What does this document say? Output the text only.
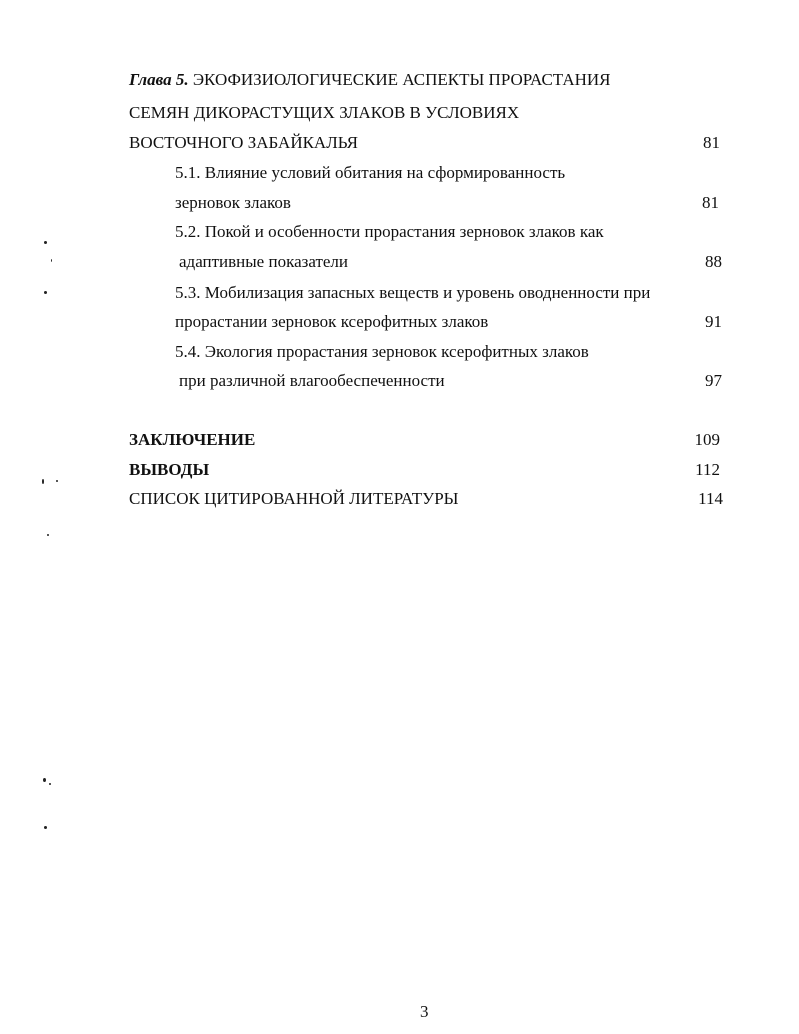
Глава 5. ЭКОФИЗИОЛОГИЧЕСКИЕ АСПЕКТЫ ПРОРАСТАНИЯ
СЕМЯН ДИКОРАСТУЩИХ ЗЛАКОВ В УСЛОВИЯХ
ВОСТОЧНОГО ЗАБАЙКАЛЬЯ	81
5.1. Влияние условий обитания на сформированность
зерновок злаков	81
5.2. Покой и особенности прорастания зерновок злаков как
адаптивные показатели	88
5.3. Мобилизация запасных веществ и уровень оводненности при
прорастании зерновок ксерофитных злаков	91
5.4. Экология прорастания зерновок ксерофитных злаков
при различной влагообеспеченности	97
ЗАКЛЮЧЕНИЕ	109
ВЫВОДЫ	112
СПИСОК ЦИТИРОВАННОЙ ЛИТЕРАТУРЫ	114
3
